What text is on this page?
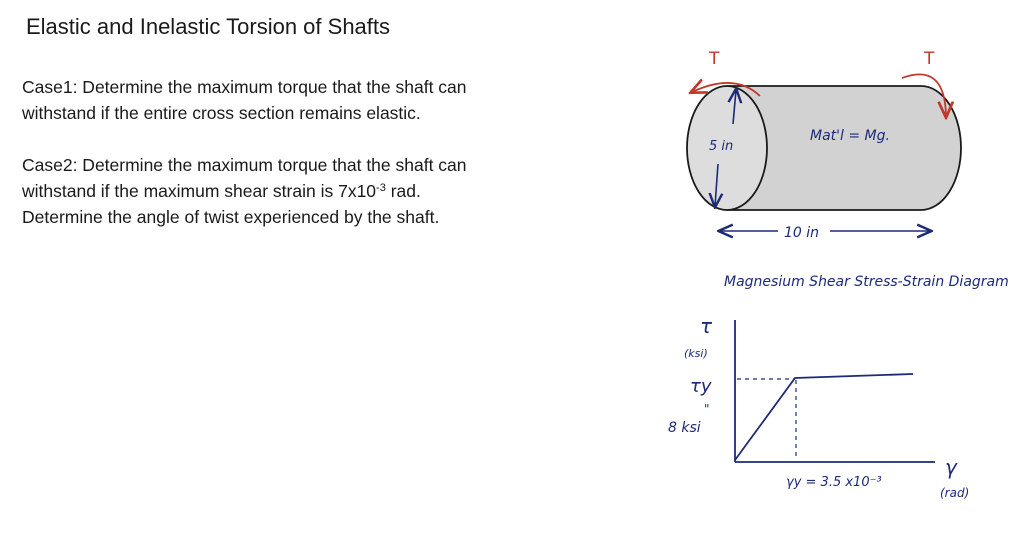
Elastic and Inelastic Torsion of Shafts
Case1: Determine the maximum torque that the shaft can
withstand if the entire cross section remains elastic.
Case2: Determine the maximum torque that the shaft can
withstand if the maximum shear strain is $7x10^{-3}$ rad.
Determine the angle of twist experienced by the shaft.
5 in
Mat'l = Mg.
T	T
10 in
Magnesium Shear Stress-Strain Diagram
τ
(ksi)
τy
"
8 ksi
γy = 3.5 x10⁻³
γ
(rad)
